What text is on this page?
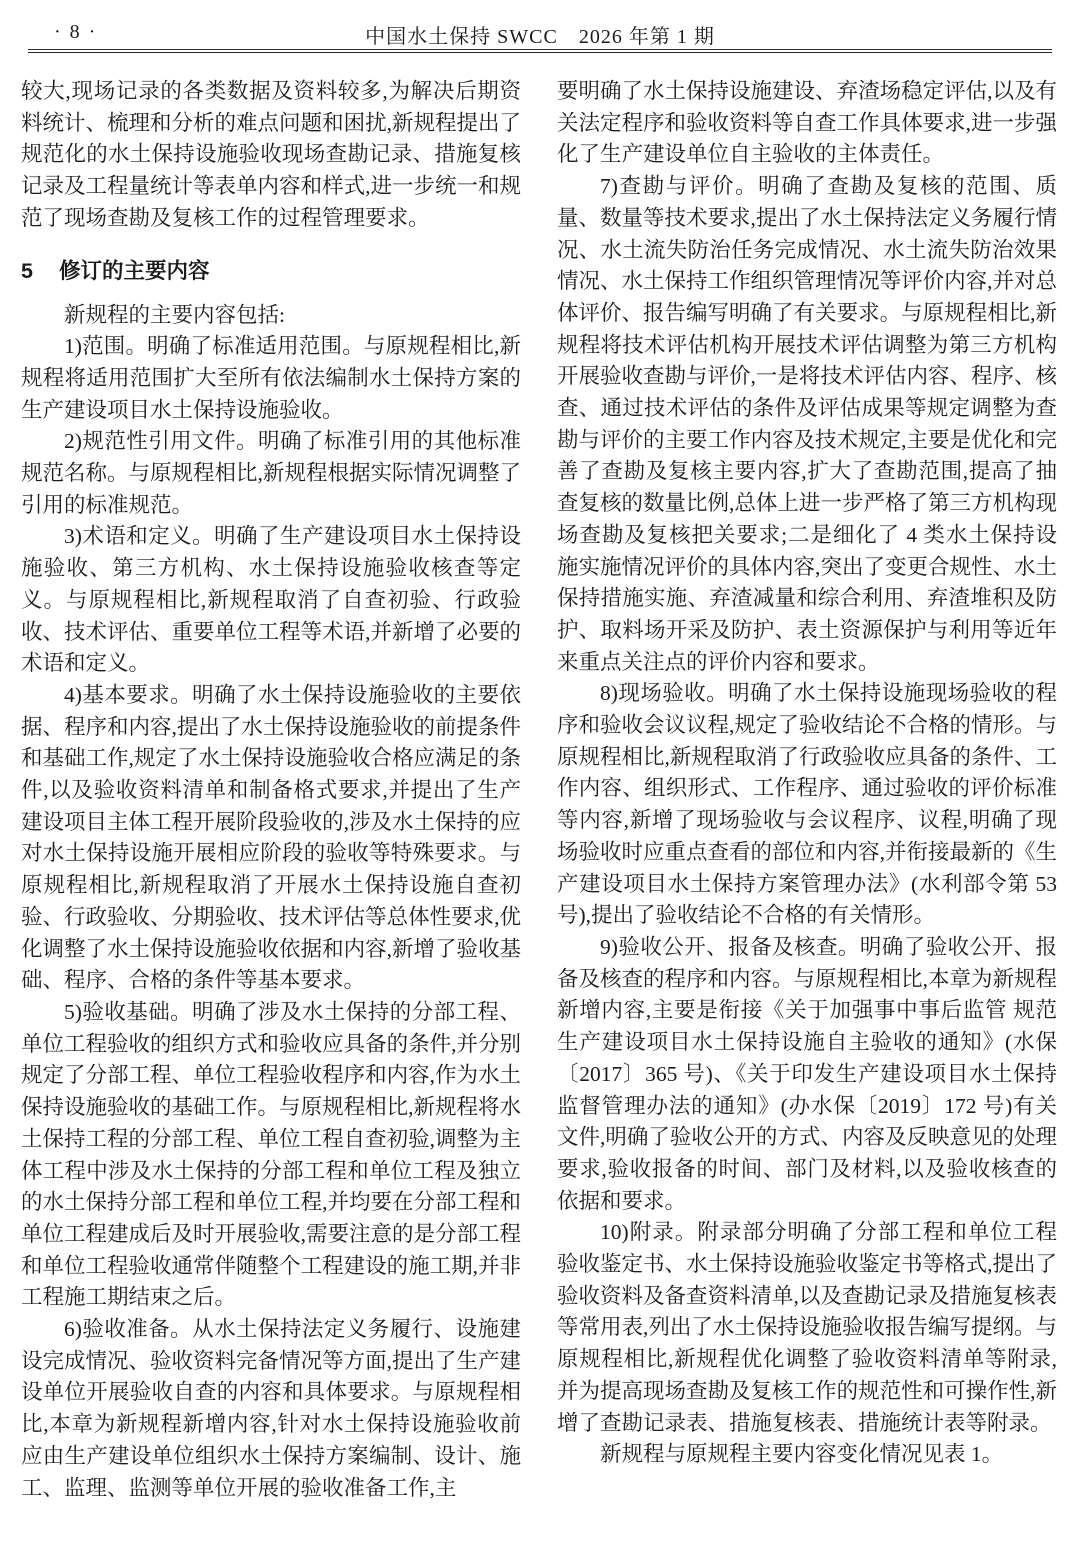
· 8 ·	中国水土保持 SWCC　2026 年第 1 期

较大,现场记录的各类数据及资料较多,为解决后期资料统计、梳理和分析的难点问题和困扰,新规程提出了规范化的水土保持设施验收现场查勘记录、措施复核记录及工程量统计等表单内容和样式,进一步统一和规范了现场查勘及复核工作的过程管理要求。

5 修订的主要内容

新规程的主要内容包括:

1)范围。明确了标准适用范围。与原规程相比,新规程将适用范围扩大至所有依法编制水土保持方案的生产建设项目水土保持设施验收。

2)规范性引用文件。明确了标准引用的其他标准规范名称。与原规程相比,新规程根据实际情况调整了引用的标准规范。

3)术语和定义。明确了生产建设项目水土保持设施验收、第三方机构、水土保持设施验收核查等定义。与原规程相比,新规程取消了自查初验、行政验收、技术评估、重要单位工程等术语,并新增了必要的术语和定义。

4)基本要求。明确了水土保持设施验收的主要依据、程序和内容,提出了水土保持设施验收的前提条件和基础工作,规定了水土保持设施验收合格应满足的条件,以及验收资料清单和制备格式要求,并提出了生产建设项目主体工程开展阶段验收的,涉及水土保持的应对水土保持设施开展相应阶段的验收等特殊要求。与原规程相比,新规程取消了开展水土保持设施自查初验、行政验收、分期验收、技术评估等总体性要求,优化调整了水土保持设施验收依据和内容,新增了验收基础、程序、合格的条件等基本要求。

5)验收基础。明确了涉及水土保持的分部工程、单位工程验收的组织方式和验收应具备的条件,并分别规定了分部工程、单位工程验收程序和内容,作为水土保持设施验收的基础工作。与原规程相比,新规程将水土保持工程的分部工程、单位工程自查初验,调整为主体工程中涉及水土保持的分部工程和单位工程及独立的水土保持分部工程和单位工程,并均要在分部工程和单位工程建成后及时开展验收,需要注意的是分部工程和单位工程验收通常伴随整个工程建设的施工期,并非工程施工期结束之后。

6)验收准备。从水土保持法定义务履行、设施建设完成情况、验收资料完备情况等方面,提出了生产建设单位开展验收自查的内容和具体要求。与原规程相比,本章为新规程新增内容,针对水土保持设施验收前应由生产建设单位组织水土保持方案编制、设计、施工、监理、监测等单位开展的验收准备工作,主

要明确了水土保持设施建设、弃渣场稳定评估,以及有关法定程序和验收资料等自查工作具体要求,进一步强化了生产建设单位自主验收的主体责任。

7)查勘与评价。明确了查勘及复核的范围、质量、数量等技术要求,提出了水土保持法定义务履行情况、水土流失防治任务完成情况、水土流失防治效果情况、水土保持工作组织管理情况等评价内容,并对总体评价、报告编写明确了有关要求。与原规程相比,新规程将技术评估机构开展技术评估调整为第三方机构开展验收查勘与评价,一是将技术评估内容、程序、核查、通过技术评估的条件及评估成果等规定调整为查勘与评价的主要工作内容及技术规定,主要是优化和完善了查勘及复核主要内容,扩大了查勘范围,提高了抽查复核的数量比例,总体上进一步严格了第三方机构现场查勘及复核把关要求;二是细化了 4 类水土保持设施实施情况评价的具体内容,突出了变更合规性、水土保持措施实施、弃渣减量和综合利用、弃渣堆积及防护、取料场开采及防护、表土资源保护与利用等近年来重点关注点的评价内容和要求。

8)现场验收。明确了水土保持设施现场验收的程序和验收会议议程,规定了验收结论不合格的情形。与原规程相比,新规程取消了行政验收应具备的条件、工作内容、组织形式、工作程序、通过验收的评价标准等内容,新增了现场验收与会议程序、议程,明确了现场验收时应重点查看的部位和内容,并衔接最新的《生产建设项目水土保持方案管理办法》(水利部令第 53 号),提出了验收结论不合格的有关情形。

9)验收公开、报备及核查。明确了验收公开、报备及核查的程序和内容。与原规程相比,本章为新规程新增内容,主要是衔接《关于加强事中事后监管 规范生产建设项目水土保持设施自主验收的通知》(水保〔2017〕365 号)、《关于印发生产建设项目水土保持监督管理办法的通知》(办水保〔2019〕172 号)有关文件,明确了验收公开的方式、内容及反映意见的处理要求,验收报备的时间、部门及材料,以及验收核查的依据和要求。

10)附录。附录部分明确了分部工程和单位工程验收鉴定书、水土保持设施验收鉴定书等格式,提出了验收资料及备查资料清单,以及查勘记录及措施复核表等常用表,列出了水土保持设施验收报告编写提纲。与原规程相比,新规程优化调整了验收资料清单等附录,并为提高现场查勘及复核工作的规范性和可操作性,新增了查勘记录表、措施复核表、措施统计表等附录。

新规程与原规程主要内容变化情况见表 1。
